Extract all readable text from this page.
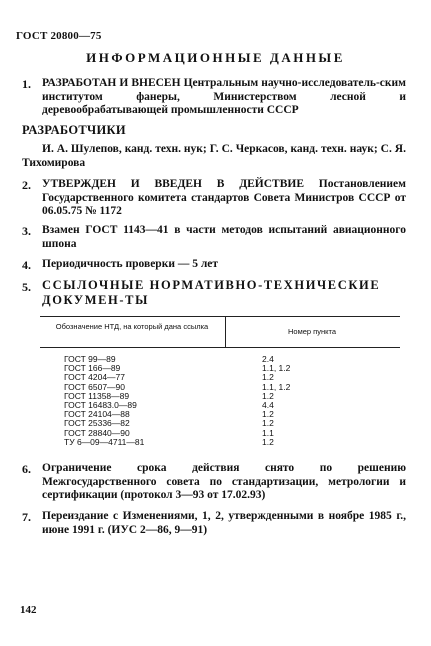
ГОСТ 20800—75
ИНФОРМАЦИОННЫЕ ДАННЫЕ
1. РАЗРАБОТАН И ВНЕСЕН Центральным научно-исследователь-ским институтом фанеры, Министерством лесной и деревообрабатывающей промышленности СССР
РАЗРАБОТЧИКИ
И. А. Шулепов, канд. техн. нук; Г. С. Черкасов, канд. техн. наук; С. Я. Тихомирова
2. УТВЕРЖДЕН И ВВЕДЕН В ДЕЙСТВИЕ Постановлением Государственного комитета стандартов Совета Министров СССР от 06.05.75 № 1172
3. Взамен ГОСТ 1143—41 в части методов испытаний авиационного шпона
4. Периодичность проверки — 5 лет
5. ССЫЛОЧНЫЕ НОРМАТИВНО-ТЕХНИЧЕСКИЕ ДОКУМЕН-ТЫ
Обозначение НТД, на который дана ссылка
Номер пункта
ГОСТ 99—89
ГОСТ 166—89
ГОСТ 4204—77
ГОСТ 6507—90
ГОСТ 11358—89
ГОСТ 16483.0—89
ГОСТ 24104—88
ГОСТ 25336—82
ГОСТ 28840—90
ТУ 6—09—4711—81
2.4
1.1, 1.2
1.2
1.1, 1.2
1.2
4.4
1.2
1.2
1.1
1.2
6. Ограничение срока действия снято по решению Межгосударственного совета по стандартизации, метрологии и сертификации (протокол 3—93 от 17.02.93)
7. Переиздание с Изменениями, 1, 2, утвержденными в ноябре 1985 г., июне 1991 г. (ИУС 2—86, 9—91)
142
